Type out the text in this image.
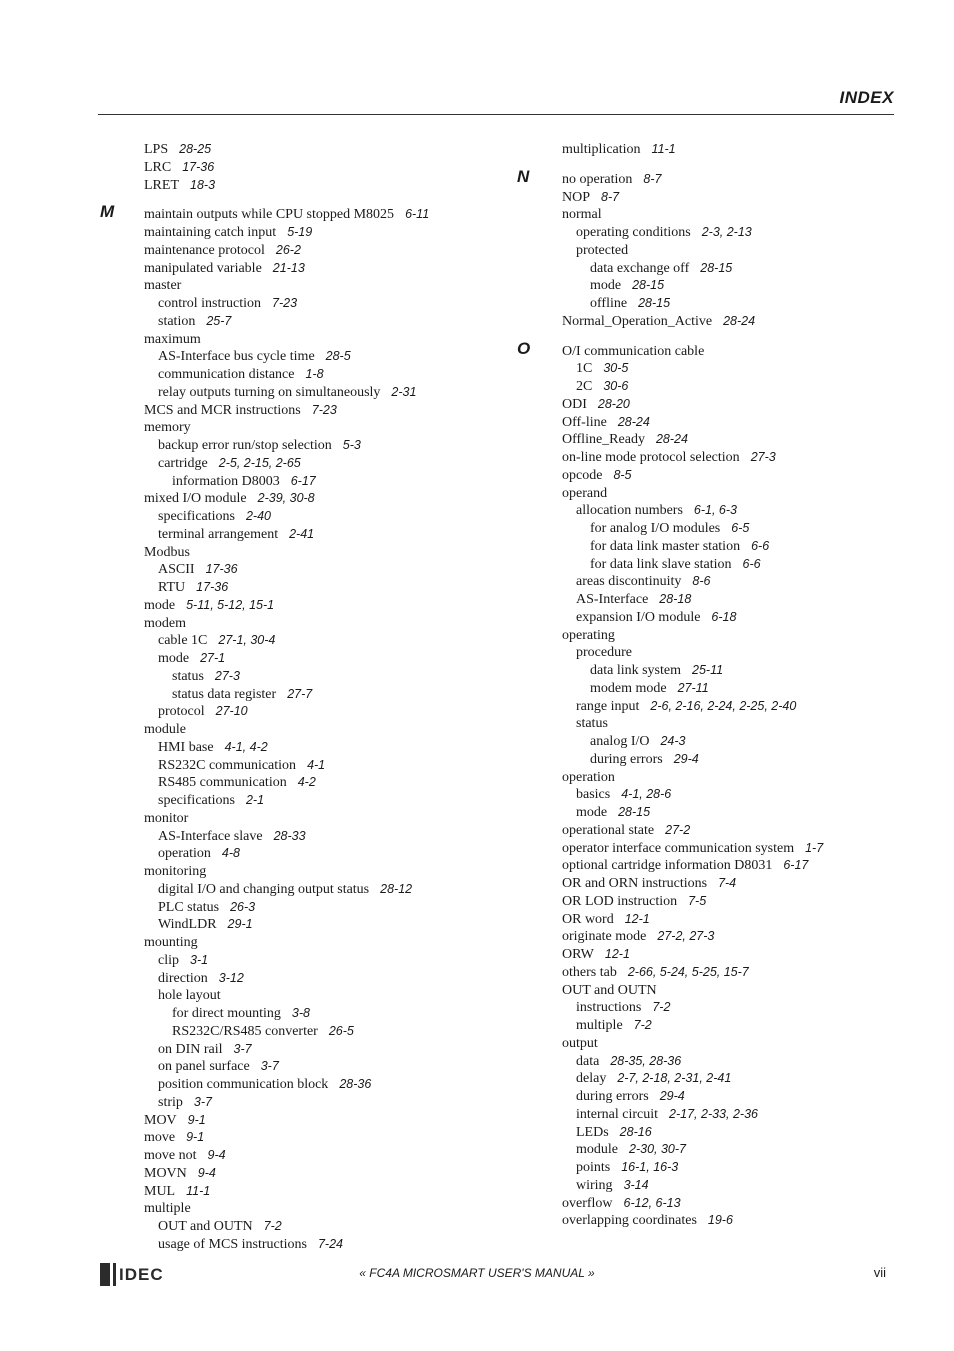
INDEX
LPS 28-25
LRC 17-36
LRET 18-3
maintain outputs while CPU stopped M8025 6-11
maintaining catch input 5-19
maintenance protocol 26-2
manipulated variable 21-13
master
control instruction 7-23
station 25-7
maximum
AS-Interface bus cycle time 28-5
communication distance 1-8
relay outputs turning on simultaneously 2-31
MCS and MCR instructions 7-23
memory
backup error run/stop selection 5-3
cartridge 2-5, 2-15, 2-65
information D8003 6-17
mixed I/O module 2-39, 30-8
specifications 2-40
terminal arrangement 2-41
Modbus
ASCII 17-36
RTU 17-36
mode 5-11, 5-12, 15-1
modem
cable 1C 27-1, 30-4
mode 27-1
status 27-3
status data register 27-7
protocol 27-10
module
HMI base 4-1, 4-2
RS232C communication 4-1
RS485 communication 4-2
specifications 2-1
monitor
AS-Interface slave 28-33
operation 4-8
monitoring
digital I/O and changing output status 28-12
PLC status 26-3
WindLDR 29-1
mounting
clip 3-1
direction 3-12
hole layout
for direct mounting 3-8
RS232C/RS485 converter 26-5
on DIN rail 3-7
on panel surface 3-7
position communication block 28-36
strip 3-7
MOV 9-1
move 9-1
move not 9-4
MOVN 9-4
MUL 11-1
multiple
OUT and OUTN 7-2
usage of MCS instructions 7-24
multiplication 11-1
no operation 8-7
NOP 8-7
normal
operating conditions 2-3, 2-13
protected
data exchange off 28-15
mode 28-15
offline 28-15
Normal_Operation_Active 28-24
O/I communication cable
1C 30-5
2C 30-6
ODI 28-20
Off-line 28-24
Offline_Ready 28-24
on-line mode protocol selection 27-3
opcode 8-5
operand
allocation numbers 6-1, 6-3
for analog I/O modules 6-5
for data link master station 6-6
for data link slave station 6-6
areas discontinuity 8-6
AS-Interface 28-18
expansion I/O module 6-18
operating
procedure
data link system 25-11
modem mode 27-11
range input 2-6, 2-16, 2-24, 2-25, 2-40
status
analog I/O 24-3
during errors 29-4
operation
basics 4-1, 28-6
mode 28-15
operational state 27-2
operator interface communication system 1-7
optional cartridge information D8031 6-17
OR and ORN instructions 7-4
OR LOD instruction 7-5
OR word 12-1
originate mode 27-2, 27-3
ORW 12-1
others tab 2-66, 5-24, 5-25, 15-7
OUT and OUTN
instructions 7-2
multiple 7-2
output
data 28-35, 28-36
delay 2-7, 2-18, 2-31, 2-41
during errors 29-4
internal circuit 2-17, 2-33, 2-36
LEDs 28-16
module 2-30, 30-7
points 16-1, 16-3
wiring 3-14
overflow 6-12, 6-13
overlapping coordinates 19-6
IDEC	« FC4A MICROSMART USER'S MANUAL »	vii
M
N
O
